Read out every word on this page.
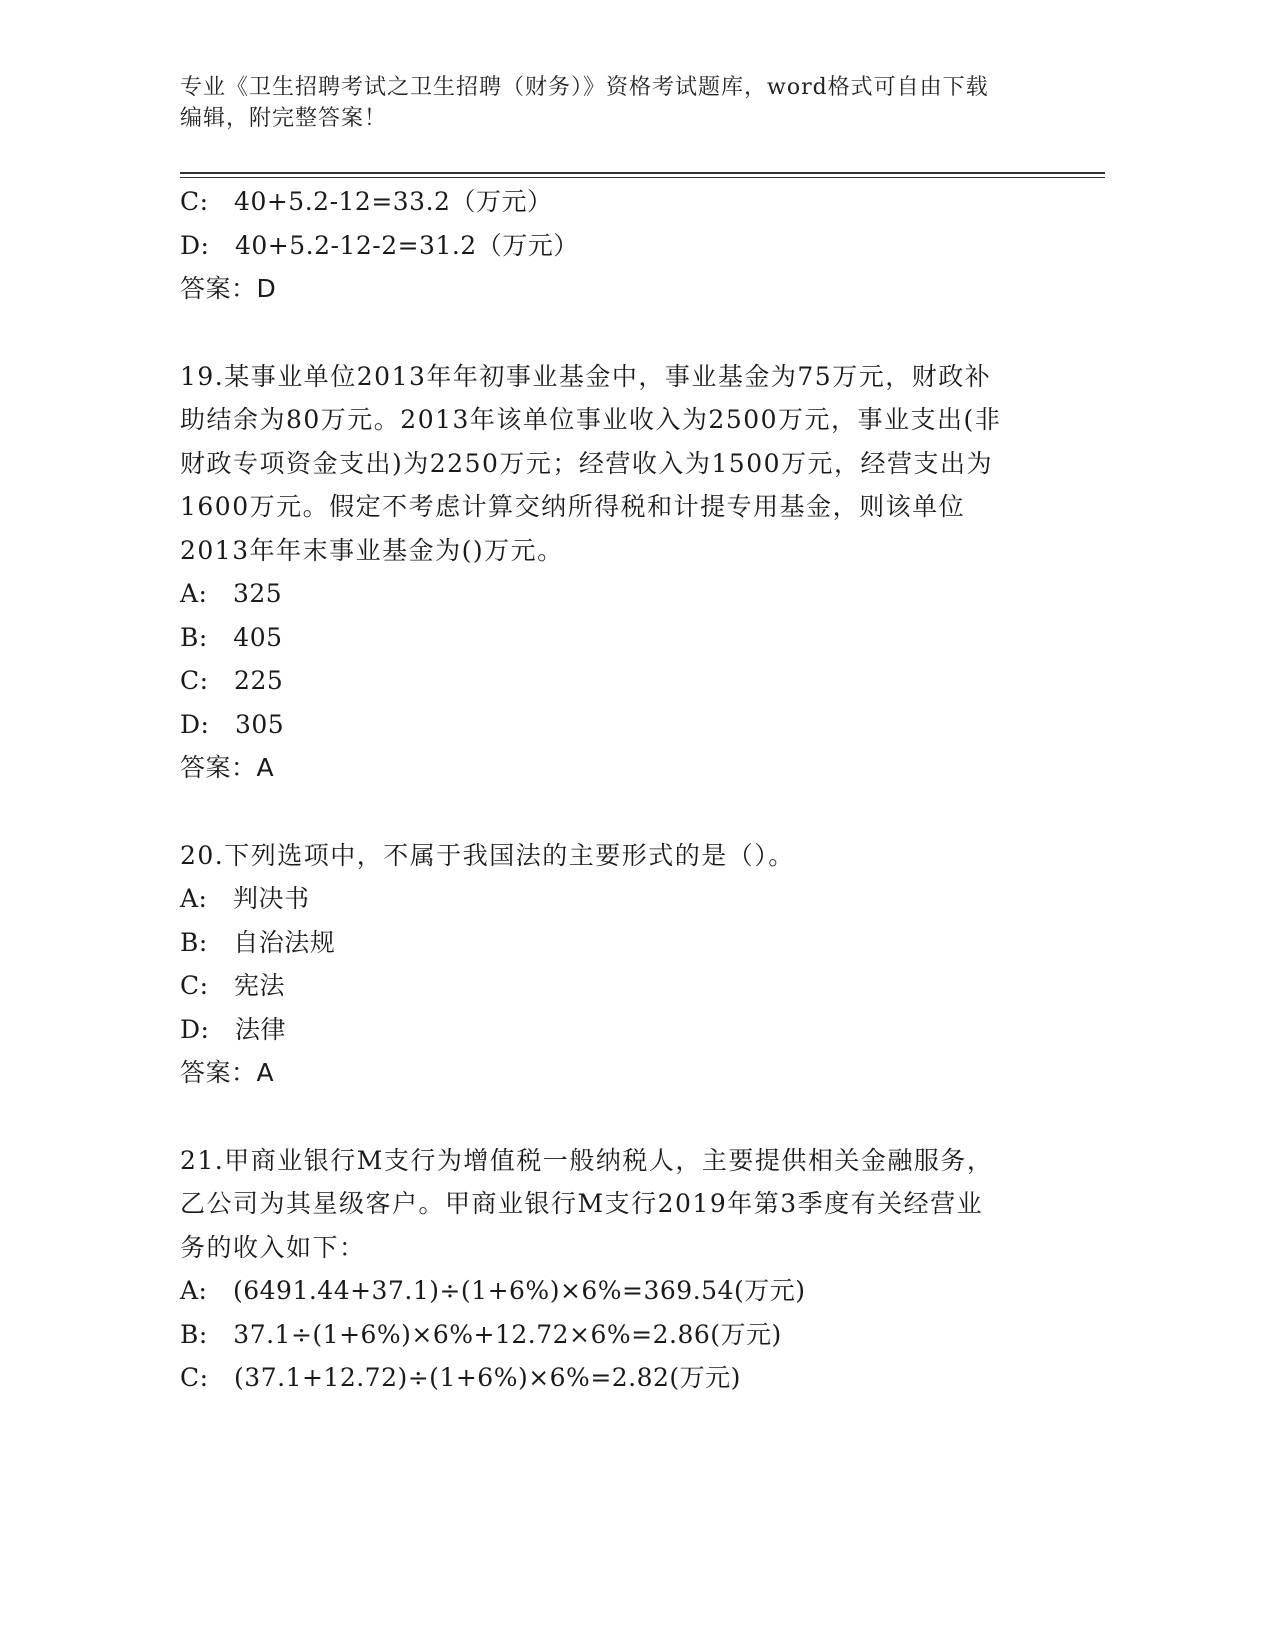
专业《卫生招聘考试之卫生招聘（财务）》资格考试题库，word格式可自由下载
编辑，附完整答案！
C:　40+5.2-12=33.2（万元）
D:　40+5.2-12-2=31.2（万元）
答案：D
19.某事业单位2013年年初事业基金中，事业基金为75万元，财政补
助结余为80万元。2013年该单位事业收入为2500万元，事业支出(非
财政专项资金支出)为2250万元；经营收入为1500万元，经营支出为
1600万元。假定不考虑计算交纳所得税和计提专用基金，则该单位
2013年年末事业基金为()万元。
A:　325
B:　405
C:　225
D:　305
答案：A
20.下列选项中，不属于我国法的主要形式的是（）。
A:　判决书
B:　自治法规
C:　宪法
D:　法律
答案：A
21.甲商业银行M支行为增值税一般纳税人，主要提供相关金融服务，
乙公司为其星级客户。甲商业银行M支行2019年第3季度有关经营业
务的收入如下：
A:　(6491.44+37.1)÷(1+6%)×6%=369.54(万元)
B:　37.1÷(1+6%)×6%+12.72×6%=2.86(万元)
C:　(37.1+12.72)÷(1+6%)×6%=2.82(万元)
